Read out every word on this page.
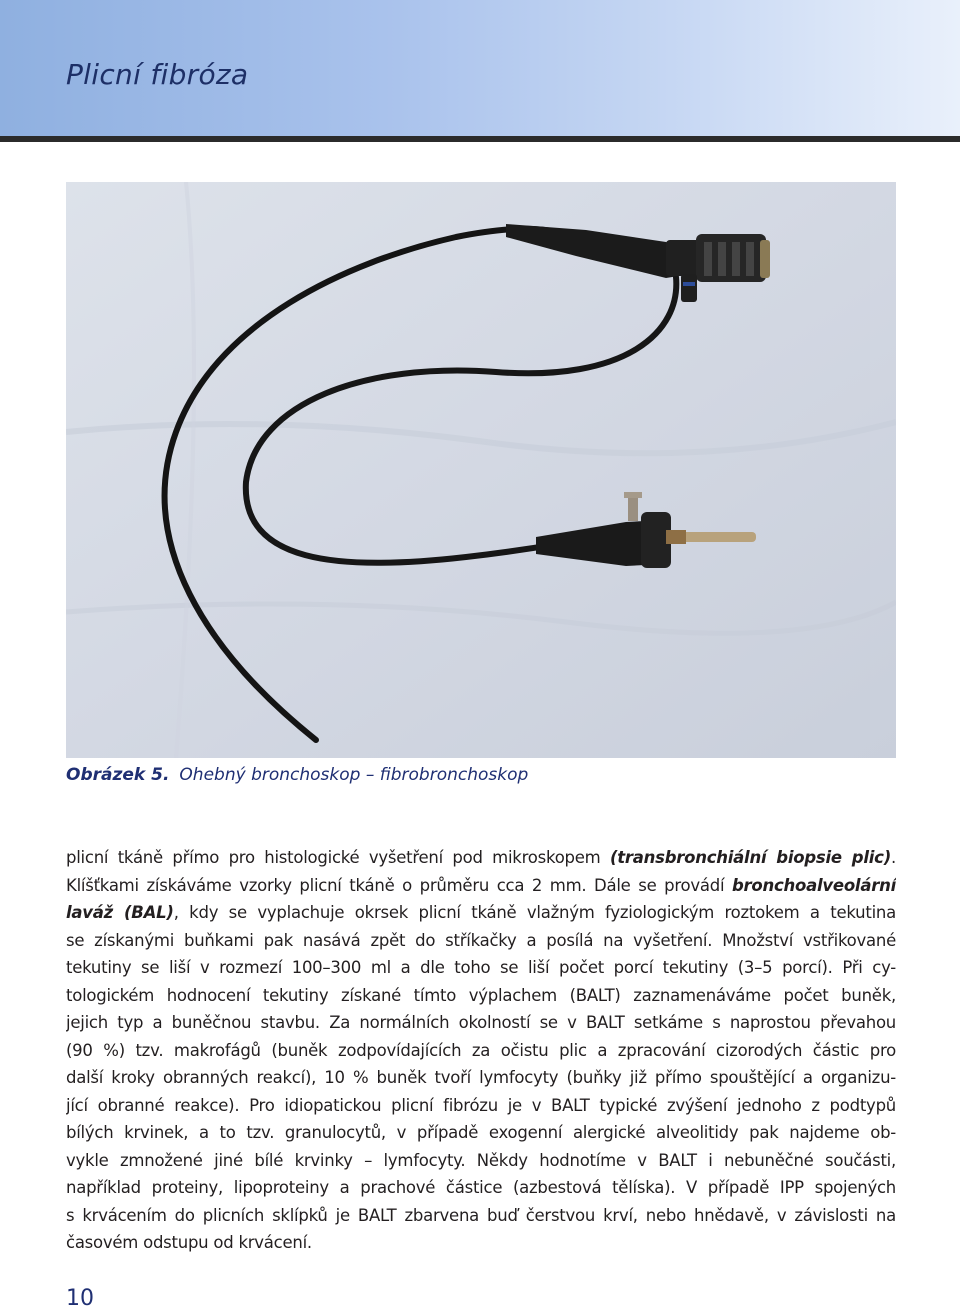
Plicní fibróza
Obrázek 5. Ohebný bronchoskop – fibrobronchoskop
plicní tkáně přímo pro histologické vyšetření pod mikroskopem (transbronchiální biopsie plic).
Klíšťkami získáváme vzorky plicní tkáně o průměru cca 2 mm. Dále se provádí bronchoalveolární
laváž (BAL), kdy se vyplachuje okrsek plicní tkáně vlažným fyziologickým roztokem a tekutina
se získanými buňkami pak nasává zpět do stříkačky a posílá na vyšetření. Množství vstřikované
tekutiny se liší v rozmezí 100–300 ml a dle toho se liší počet porcí tekutiny (3–5 porcí). Při cy-
tologickém hodnocení tekutiny získané tímto výplachem (BALT) zaznamenáváme počet buněk,
jejich typ a buněčnou stavbu. Za normálních okolností se v BALT setkáme s naprostou převahou
(90 %) tzv. makrofágů (buněk zodpovídajících za očistu plic a zpracování cizorodých částic pro
další kroky obranných reakcí), 10 % buněk tvoří lymfocyty (buňky již přímo spouštějící a organizu-
jící obranné reakce). Pro idiopatickou plicní fibrózu je v BALT typické zvýšení jednoho z podtypů
bílých krvinek, a to tzv. granulocytů, v případě exogenní alergické alveolitidy pak najdeme ob-
vykle zmnožené jiné bílé krvinky – lymfocyty. Někdy hodnotíme v BALT i nebuněčné součásti,
například proteiny, lipoproteiny a prachové částice (azbestová tělíska). V případě IPP spojených
s krvácením do plicních sklípků je BALT zbarvena buď čerstvou krví, nebo hnědavě, v závislosti na
časovém odstupu od krvácení.
10
